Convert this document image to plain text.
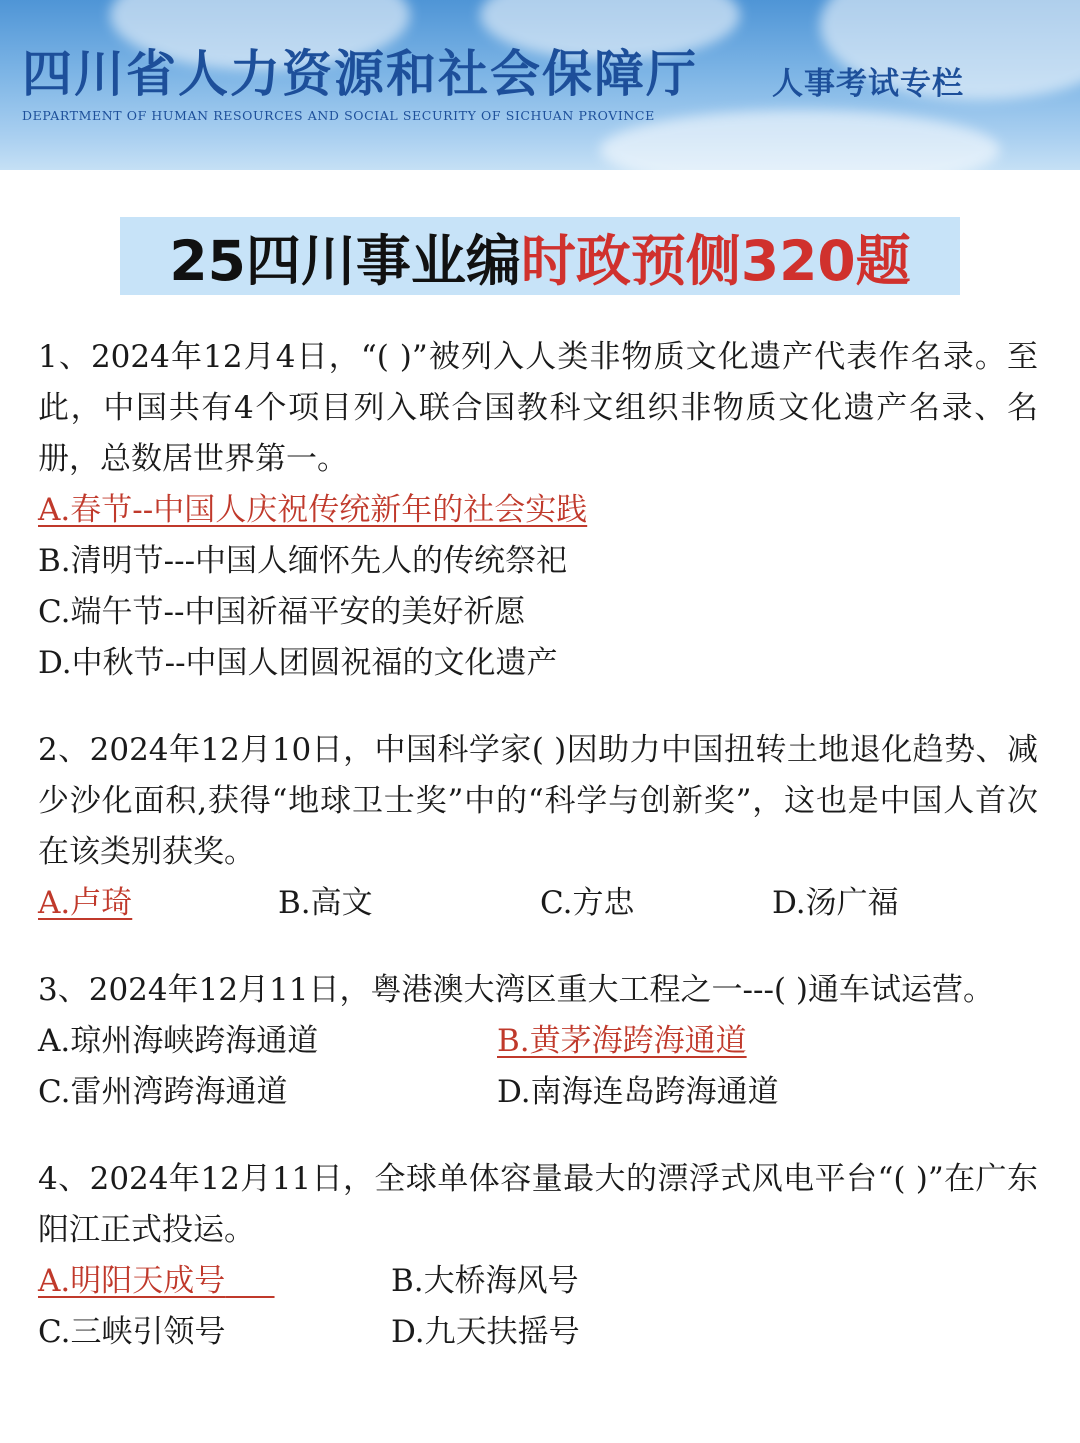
四川省人力资源和社会保障厅
DEPARTMENT OF HUMAN RESOURCES AND SOCIAL SECURITY OF SICHUAN PROVINCE
人事考试专栏
25四川事业编 时政预侧320题
1、2024年12月4日，“( )”被列入人类非物质文化遗产代表作名录。至此，中国共有4个项目列入联合国教科文组织非物质文化遗产名录、名册，总数居世界第一。
A.春节--中国人庆祝传统新年的社会实践
B.清明节---中国人缅怀先人的传统祭祀
C.端午节--中国祈福平安的美好祈愿
D.中秋节--中国人团圆祝福的文化遗产
2、2024年12月10日，中国科学家( )因助力中国扭转土地退化趋势、减少沙化面积,获得“地球卫士奖”中的“科学与创新奖”，这也是中国人首次在该类别获奖。
A.卢琦	B.高文	C.方忠	D.汤广福
3、2024年12月11日，粤港澳大湾区重大工程之一---( )通车试运营。
A.琼州海峡跨海通道	B.黄茅海跨海通道
C.雷州湾跨海通道	D.南海连岛跨海通道
4、2024年12月11日，全球单体容量最大的漂浮式风电平台“( )”在广东阳江正式投运。
A.明阳天成号	B.大桥海风号
C.三峡引领号	D.九天扶摇号
